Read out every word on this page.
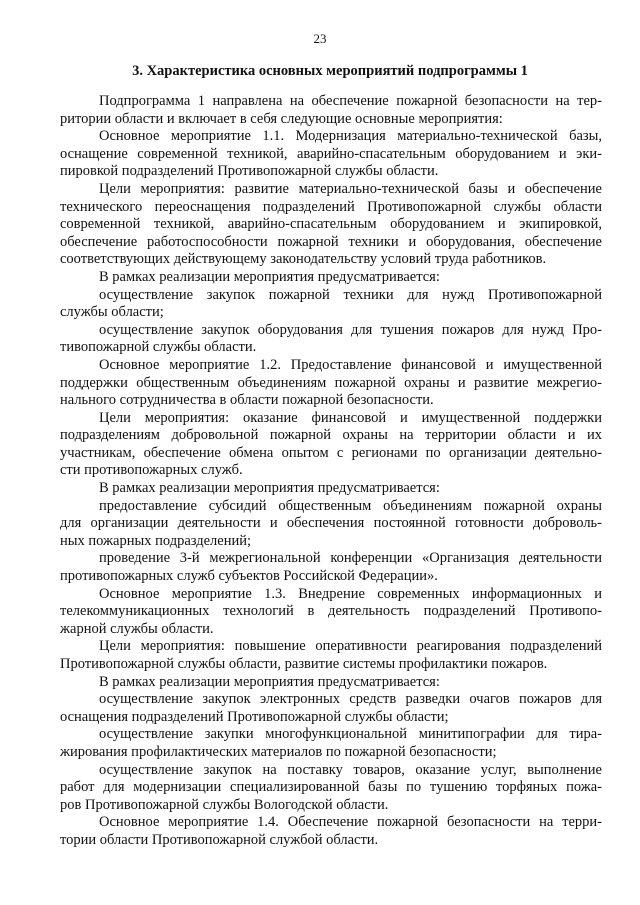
23
3. Характеристика основных мероприятий подпрограммы 1
Подпрограмма 1 направлена на обеспечение пожарной безопасности на тер-
ритории области и включает в себя следующие основные мероприятия:
Основное мероприятие 1.1. Модернизация материально-технической базы,
оснащение современной техникой, аварийно-спасательным оборудованием и эки-
пировкой подразделений Противопожарной службы области.
Цели мероприятия: развитие материально-технической базы и обеспечение
технического переоснащения подразделений Противопожарной службы области
современной техникой, аварийно-спасательным оборудованием и экипировкой,
обеспечение работоспособности пожарной техники и оборудования, обеспечение
соответствующих действующему законодательству условий труда работников.
В рамках реализации мероприятия предусматривается:
осуществление закупок пожарной техники для нужд Противопожарной
службы области;
осуществление закупок оборудования для тушения пожаров для нужд Про-
тивопожарной службы области.
Основное мероприятие 1.2. Предоставление финансовой и имущественной
поддержки общественным объединениям пожарной охраны и развитие межрегио-
нального сотрудничества в области пожарной безопасности.
Цели мероприятия: оказание финансовой и имущественной поддержки
подразделениям добровольной пожарной охраны на территории области и их
участникам, обеспечение обмена опытом с регионами по организации деятельно-
сти противопожарных служб.
В рамках реализации мероприятия предусматривается:
предоставление субсидий общественным объединениям пожарной охраны
для организации деятельности и обеспечения постоянной готовности доброволь-
ных пожарных подразделений;
проведение 3-й межрегиональной конференции «Организация деятельности
противопожарных служб субъектов Российской Федерации».
Основное мероприятие 1.3. Внедрение современных информационных и
телекоммуникационных технологий в деятельность подразделений Противопо-
жарной службы области.
Цели мероприятия: повышение оперативности реагирования подразделений
Противопожарной службы области, развитие системы профилактики пожаров.
В рамках реализации мероприятия предусматривается:
осуществление закупок электронных средств разведки очагов пожаров для
оснащения подразделений Противопожарной службы области;
осуществление закупки многофункциональной минитипографии для тира-
жирования профилактических материалов по пожарной безопасности;
осуществление закупок на поставку товаров, оказание услуг, выполнение
работ для модернизации специализированной базы по тушению торфяных пожа-
ров Противопожарной службы Вологодской области.
Основное мероприятие 1.4. Обеспечение пожарной безопасности на терри-
тории области Противопожарной службой области.
